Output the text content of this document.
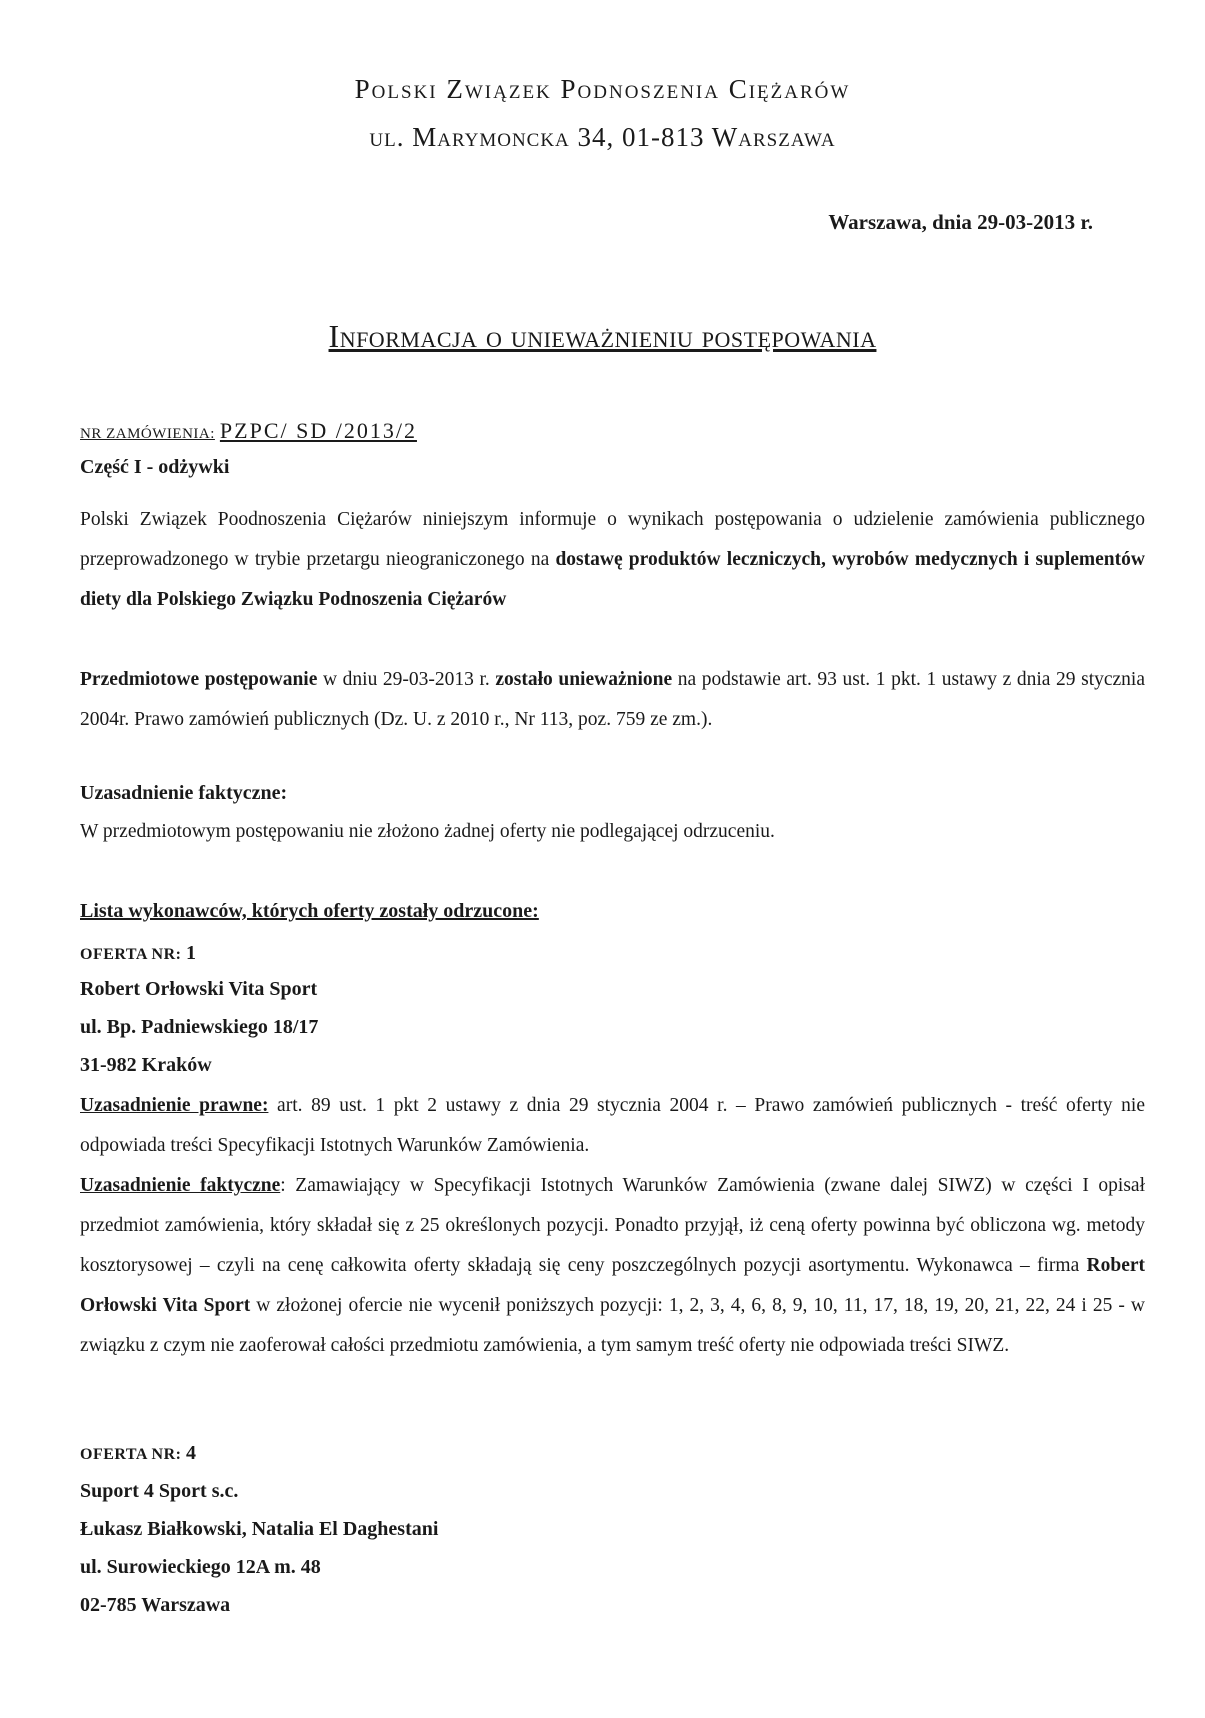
Polski Związek Podnoszenia Ciężarów
ul. Marymoncka 34, 01-813 Warszawa
Warszawa, dnia 29-03-2013 r.
Informacja o unieważnieniu postępowania
NR ZAMÓWIENIA: PZPC/ SD /2013/2
Część I - odżywki
Polski Związek Poodnoszenia Ciężarów niniejszym informuje o wynikach postępowania o udzielenie zamówienia publicznego przeprowadzonego w trybie przetargu nieograniczonego na dostawę produktów leczniczych, wyrobów medycznych i suplementów diety dla Polskiego Związku Podnoszenia Ciężarów
Przedmiotowe postępowanie w dniu 29-03-2013 r. zostało unieważnione na podstawie art. 93 ust. 1 pkt. 1 ustawy z dnia 29 stycznia 2004r. Prawo zamówień publicznych (Dz. U. z 2010 r., Nr 113, poz. 759 ze zm.).
Uzasadnienie faktyczne:
W przedmiotowym postępowaniu nie złożono żadnej oferty nie podlegającej odrzuceniu.
Lista wykonawców, których oferty zostały odrzucone:
OFERTA NR: 1
Robert Orłowski Vita Sport
ul. Bp. Padniewskiego 18/17
31-982 Kraków
Uzasadnienie prawne: art. 89 ust. 1 pkt 2 ustawy z dnia 29 stycznia 2004 r. – Prawo zamówień publicznych - treść oferty nie odpowiada treści Specyfikacji Istotnych Warunków Zamówienia.
Uzasadnienie faktyczne: Zamawiający w Specyfikacji Istotnych Warunków Zamówienia (zwane dalej SIWZ) w części I opisał przedmiot zamówienia, który składał się z 25 określonych pozycji. Ponadto przyjął, iż ceną oferty powinna być obliczona wg. metody kosztorysowej – czyli na cenę całkowita oferty składają się ceny poszczególnych pozycji asortymentu. Wykonawca – firma Robert Orłowski Vita Sport w złożonej ofercie nie wycenił poniższych pozycji: 1, 2, 3, 4, 6, 8, 9, 10, 11, 17, 18, 19, 20, 21, 22, 24 i 25 - w związku z czym nie zaoferował całości przedmiotu zamówienia, a tym samym treść oferty nie odpowiada treści SIWZ.
OFERTA NR: 4
Suport 4 Sport s.c.
Łukasz Białkowski, Natalia El Daghestani
ul. Surowieckiego 12A m. 48
02-785 Warszawa
